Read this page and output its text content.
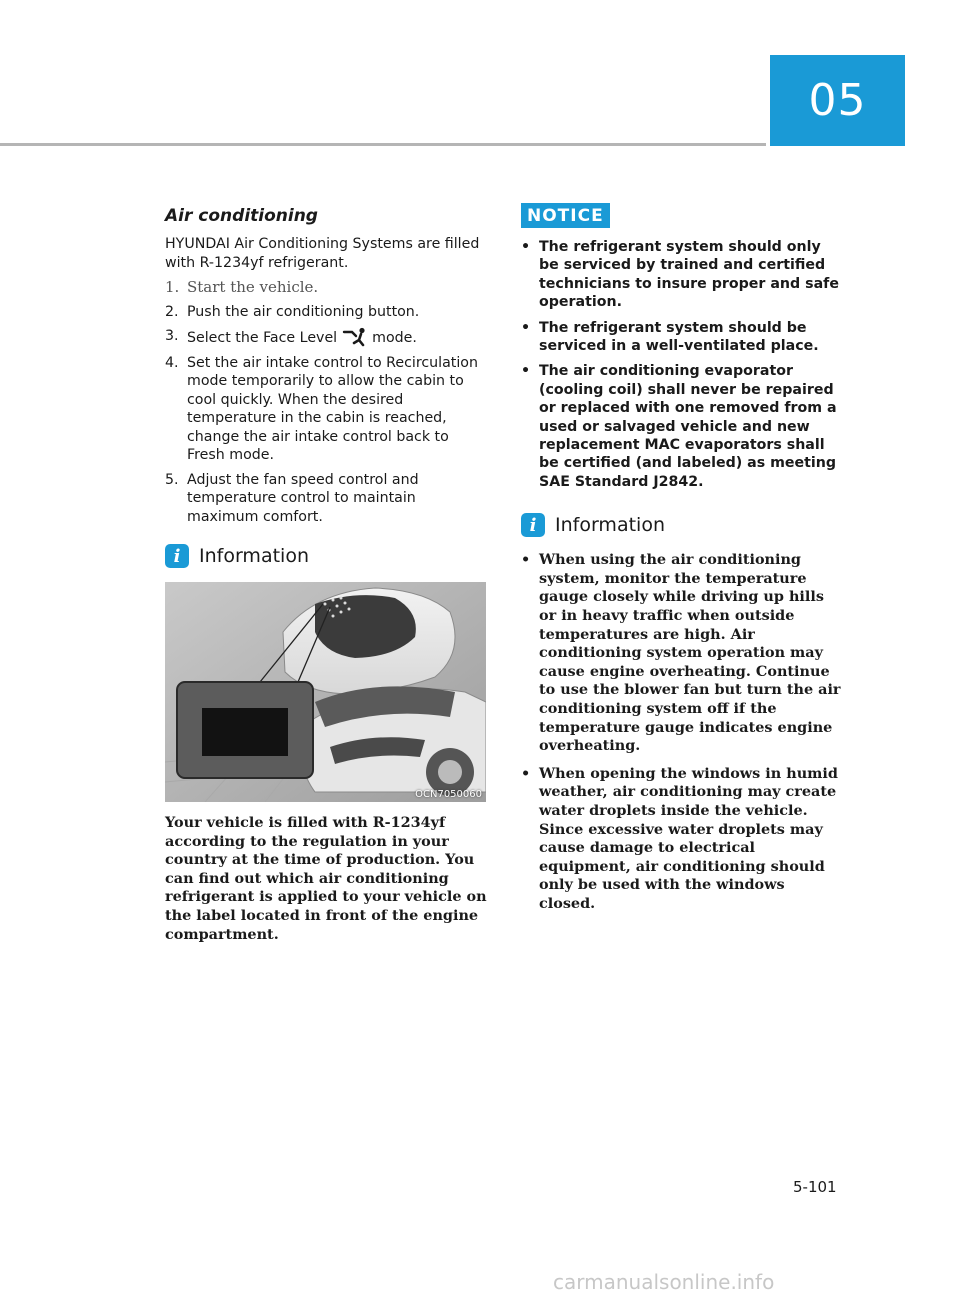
05
Air conditioning

HYUNDAI Air Conditioning Systems are filled with R-1234yf refrigerant.

1. Start the vehicle.
2. Push the air conditioning button.
3. Select the Face Level mode.
4. Set the air intake control to Recirculation mode temporarily to allow the cabin to cool quickly. When the desired temperature in the cabin is reached, change the air intake control back to Fresh mode.
5. Adjust the fan speed control and temperature control to maintain maximum comfort.
i Information
OCN7050060

Your vehicle is filled with R-1234yf according to the regulation in your country at the time of production. You can find out which air conditioning refrigerant is applied to your vehicle on the label located in front of the engine compartment.

NOTICE
• The refrigerant system should only be serviced by trained and certified technicians to insure proper and safe operation.
• The refrigerant system should be serviced in a well-ventilated place.
• The air conditioning evaporator (cooling coil) shall never be repaired or replaced with one removed from a used or salvaged vehicle and new replacement MAC evaporators shall be certified (and labeled) as meeting SAE Standard J2842.
i Information
• When using the air conditioning system, monitor the temperature gauge closely while driving up hills or in heavy traffic when outside temperatures are high. Air conditioning system operation may cause engine overheating. Continue to use the blower fan but turn the air conditioning system off if the temperature gauge indicates engine overheating.
• When opening the windows in humid weather, air conditioning may create water droplets inside the vehicle. Since excessive water droplets may cause damage to electrical equipment, air conditioning should only be used with the windows closed.
5-101
carmanualsonline.info
